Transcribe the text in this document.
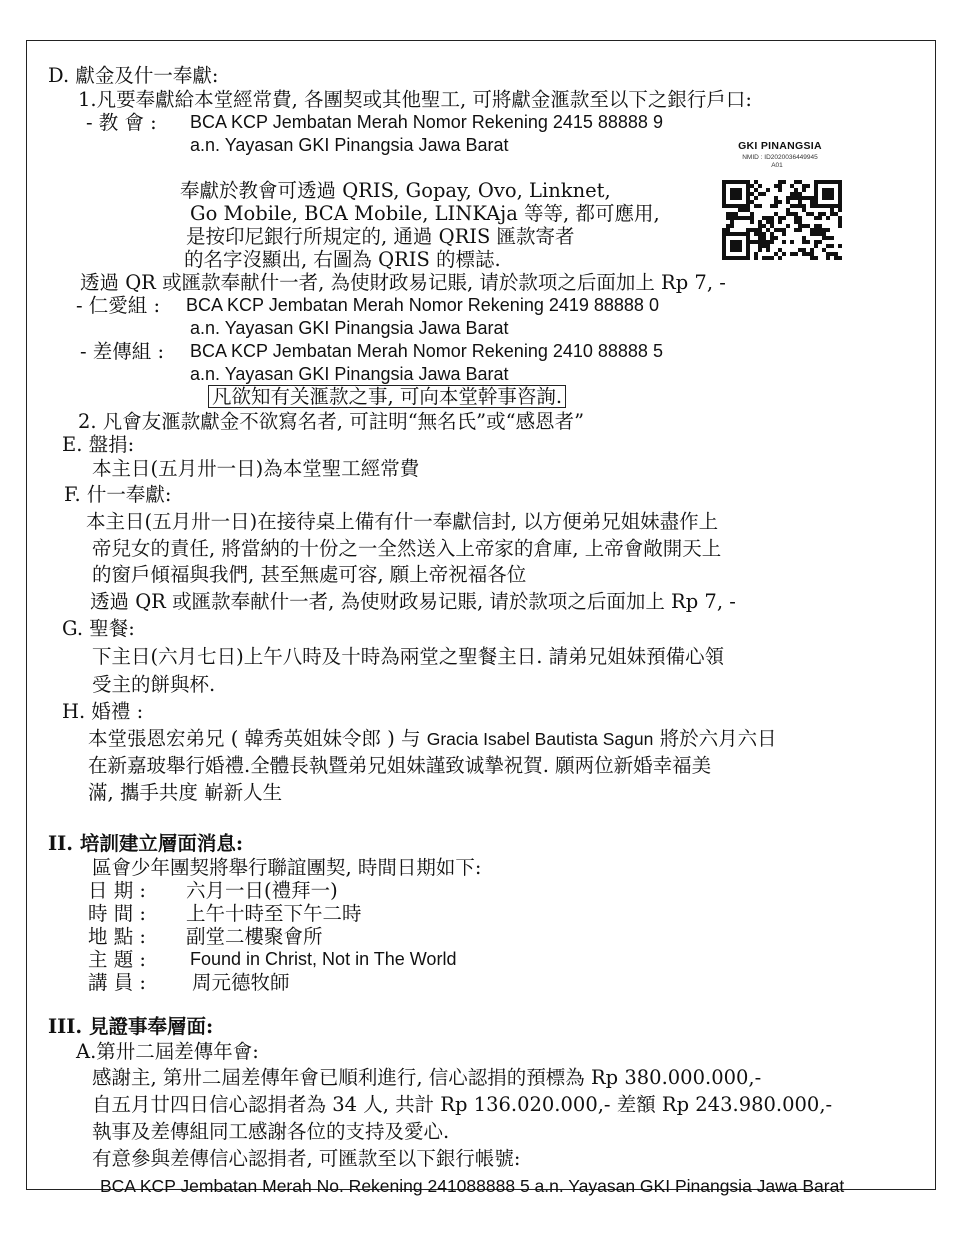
D. 獻金及什一奉獻:
1.凡要奉獻給本堂經常費, 各團契或其他聖工, 可將獻金滙款至以下之銀行戶口:
- 教 會 : BCA KCP Jembatan Merah Nomor Rekening 2415 88888 9
a.n. Yayasan GKI Pinangsia Jawa Barat
奉獻於教會可透過 QRIS, Gopay, Ovo, Linknet,
Go Mobile, BCA Mobile, LINKAja 等等, 都可應用,
是按印尼銀行所規定的, 通過 QRIS 匯款寄者
的名字沒顯出, 右圖為 QRIS 的標誌.
GKI PINANGSIA
NMID : ID2020036449945
A01
透過 QR 或匯款奉献什一者, 為使財政易记賬, 请於款项之后面加上 Rp 7, -
- 仁愛組 : BCA KCP Jembatan Merah Nomor Rekening 2419 88888 0
a.n. Yayasan GKI Pinangsia Jawa Barat
- 差傳組 : BCA KCP Jembatan Merah Nomor Rekening 2410 88888 5
a.n. Yayasan GKI Pinangsia Jawa Barat
凡欲知有关滙款之事, 可向本堂幹事咨詢.
2. 凡會友滙款獻金不欲寫名者, 可註明“無名氏”或“感恩者”
E. 盤捐:
本主日(五月卅一日)為本堂聖工經常費
F. 什一奉獻:
本主日(五月卅一日)在接待桌上備有什一奉獻信封, 以方便弟兄姐妹盡作上
帝兒女的責任, 將當納的十份之一全然送入上帝家的倉庫, 上帝會敞開天上
的窗戶傾福與我們, 甚至無處可容, 願上帝祝福各位
透過 QR 或匯款奉献什一者, 為使财政易记賬, 请於款项之后面加上 Rp 7, -
G. 聖餐:
下主日(六月七日)上午八時及十時為兩堂之聖餐主日. 請弟兄姐妹預備心領
受主的餅與杯.
H. 婚禮 :
本堂張恩宏弟兄 ( 韓秀英姐妹令郎 ) 与 Gracia Isabel Bautista Sagun 將於六月六日
在新嘉玻舉行婚禮.全體長執暨弟兄姐妹謹致诚摯祝賀. 願两位新婚幸福美
滿, 攜手共度 嶄新人生
II. 培訓建立層面消息:
區會少年團契將舉行聯誼團契, 時間日期如下:
日 期 : 六月一日(禮拜一)
時 間 : 上午十時至下午二時
地 點 : 副堂二樓聚會所
主 題 : Found in Christ, Not in The World
講 員 : 周元德牧師
III. 見證事奉層面:
A.第卅二屆差傳年會:
感謝主, 第卅二屆差傳年會已順利進行, 信心認捐的預標為 Rp 380.000.000,-
自五月廿四日信心認捐者為 34 人, 共計 Rp 136.020.000,- 差額 Rp 243.980.000,-
執事及差傳組同工感謝各位的支持及愛心.
有意參與差傳信心認捐者, 可匯款至以下銀行帳號:
BCA KCP Jembatan Merah No. Rekening 241088888 5 a.n. Yayasan GKI Pinangsia Jawa Barat
